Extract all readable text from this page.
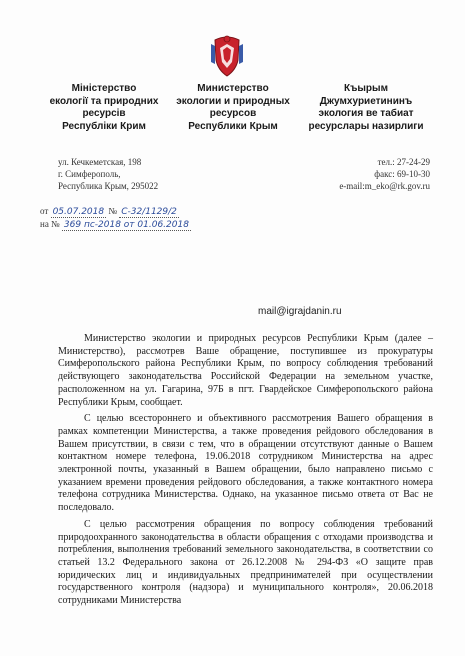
Міністерство
екології та природних
ресурсів
Республіки Крим
Министерство
экологии и природных
ресурсов
Республики Крым
Къырым
Джумхуриетининъ
экология ве табиат
ресурслары назирлиги
ул. Кечкеметская, 198
г. Симферополь,
Республика Крым, 295022
тел.: 27-24-29
факс: 69-10-30
e-mail:m_eko@rk.gov.ru
от 05.07.2018 № С-32/1129/2
на № 369 пс-2018 от 01.06.2018
mail@igrajdanin.ru

Министерство экологии и природных ресурсов Республики Крым (далее – Министерство), рассмотрев Ваше обращение, поступившее из прокуратуры Симферопольского района Республики Крым, по вопросу соблюдения требований действующего законодательства Российской Федерации на земельном участке, расположенном на ул. Гагарина, 97Б в пгт. Гвардейское Симферопольского района Республики Крым, сообщает.

С целью всестороннего и объективного рассмотрения Вашего обращения в рамках компетенции Министерства, а также проведения рейдового обследования в Вашем присутствии, в связи с тем, что в обращении отсутствуют данные о Вашем контактном номере телефона, 19.06.2018 сотрудником Министерства на адрес электронной почты, указанный в Вашем обращении, было направлено письмо с указанием времени проведения рейдового обследования, а также контактного номера телефона сотрудника Министерства. Однако, на указанное письмо ответа от Вас не последовало.

С целью рассмотрения обращения по вопросу соблюдения требований природоохранного законодательства в области обращения с отходами производства и потребления, выполнения требований земельного законодательства, в соответствии со статьей 13.2 Федерального закона от 26.12.2008 № 294-ФЗ «О защите прав юридических лиц и индивидуальных предпринимателей при осуществлении государственного контроля (надзора) и муниципального контроля», 20.06.2018 сотрудниками Министерства
